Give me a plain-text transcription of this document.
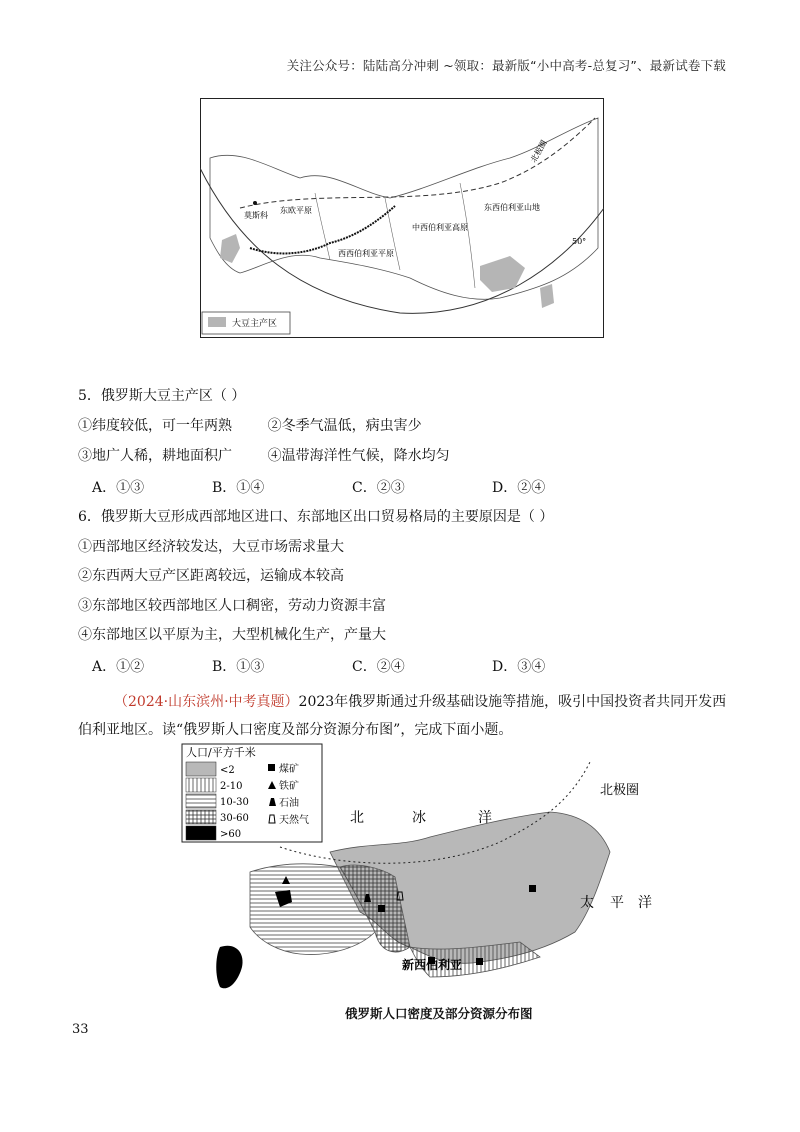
关注公众号：陆陆高分冲刺 ~领取：最新版“小中高考-总复习”、最新试卷下载
莫斯科
东欧平原
西西伯利亚平原
中西伯利亚高原
东西伯利亚山地
北极圈
50°
大豆主产区
5．俄罗斯大豆主产区（ ）
①纬度较低，可一年两熟        ②冬季气温低，病虫害少
③地广人稀，耕地面积广        ④温带海洋性气候，降水均匀
A．①③	B．①④	C．②③	D．②④
6．俄罗斯大豆形成西部地区进口、东部地区出口贸易格局的主要原因是（ ）
①西部地区经济较发达，大豆市场需求量大
②东西两大豆产区距离较远，运输成本较高
③东部地区较西部地区人口稠密，劳动力资源丰富
④东部地区以平原为主，大型机械化生产，产量大
A．①②	B．①③	C．②④	D．③④
（2024·山东滨州·中考真题）2023年俄罗斯通过升级基础设施等措施，吸引中国投资者共同开发西伯利亚地区。读“俄罗斯人口密度及部分资源分布图”，完成下面小题。
人口/平方千米
<2
2-10
10-30
30-60
>60
煤矿
铁矿
石油
天然气
北极圈
北	冰	洋
太 平 洋
新西伯利亚
俄罗斯人口密度及部分资源分布图
33
